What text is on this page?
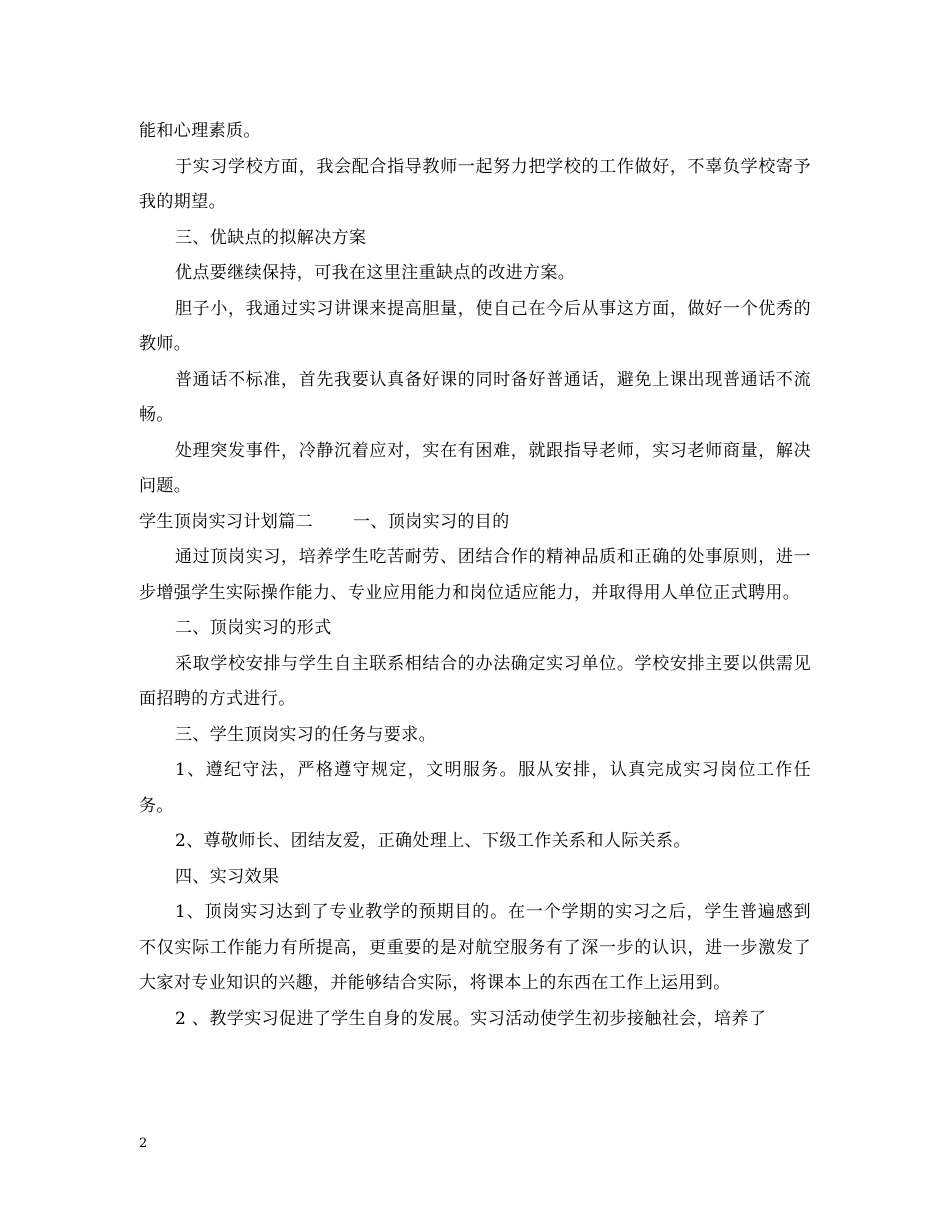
能和心理素质。

于实习学校方面，我会配合指导教师一起努力把学校的工作做好，不辜负学校寄予我的期望。

三、优缺点的拟解决方案

优点要继续保持，可我在这里注重缺点的改进方案。

胆子小，我通过实习讲课来提高胆量，使自己在今后从事这方面，做好一个优秀的教师。

普通话不标准，首先我要认真备好课的同时备好普通话，避免上课出现普通话不流畅。

处理突发事件，冷静沉着应对，实在有困难，就跟指导老师，实习老师商量，解决问题。

学生顶岗实习计划篇二 一、顶岗实习的目的

通过顶岗实习，培养学生吃苦耐劳、团结合作的精神品质和正确的处事原则，进一步增强学生实际操作能力、专业应用能力和岗位适应能力，并取得用人单位正式聘用。

二、顶岗实习的形式

采取学校安排与学生自主联系相结合的办法确定实习单位。学校安排主要以供需见面招聘的方式进行。

三、学生顶岗实习的任务与要求。

1、遵纪守法，严格遵守规定，文明服务。服从安排，认真完成实习岗位工作任务。

2、尊敬师长、团结友爱，正确处理上、下级工作关系和人际关系。

四、实习效果

1、顶岗实习达到了专业教学的预期目的。在一个学期的实习之后，学生普遍感到不仅实际工作能力有所提高，更重要的是对航空服务有了深一步的认识，进一步激发了大家对专业知识的兴趣，并能够结合实际，将课本上的东西在工作上运用到。

2 、教学实习促进了学生自身的发展。实习活动使学生初步接触社会，培养了

2
